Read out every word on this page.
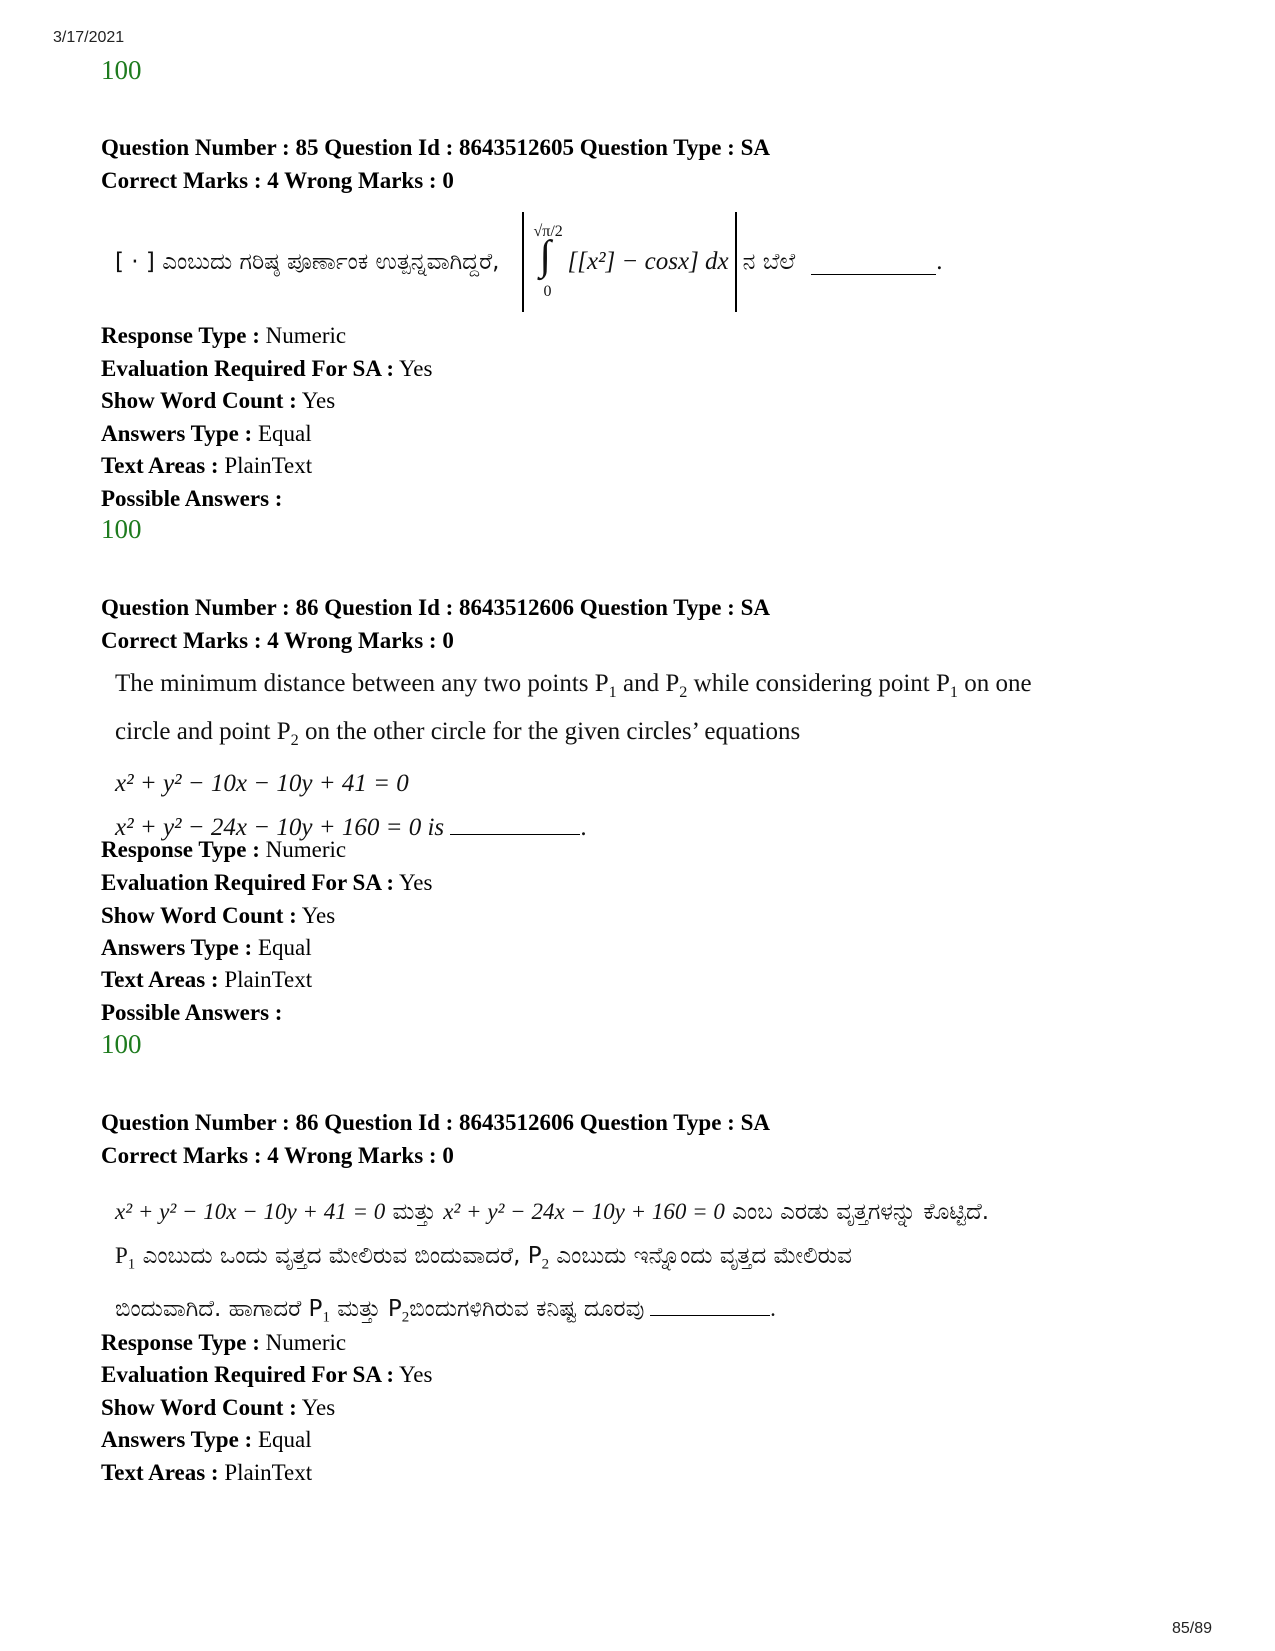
3/17/2021
100
Question Number : 85 Question Id : 8643512605 Question Type : SA
Correct Marks : 4 Wrong Marks : 0
[ · ] ಎಂಬುದು ಗರಿಷ್ಠ ಪೂರ್ಣಾಂಕ ಉತ್ಪನ್ನವಾಗಿದ್ದರೆ,
√π/2
∫
0
[[x²] − cosx] dx ನ ಬೆಲೆ	.
Response Type : Numeric
Evaluation Required For SA : Yes
Show Word Count : Yes
Answers Type : Equal
Text Areas : PlainText
Possible Answers :
100
Question Number : 86 Question Id : 8643512606 Question Type : SA
Correct Marks : 4 Wrong Marks : 0
The minimum distance between any two points $P_1$ and $P_2$ while considering point $P_1$ on one
circle and point $P_2$ on the other circle for the given circles’ equations
x² + y² − 10x − 10y + 41 = 0
x² + y² − 24x − 10y + 160 = 0 is	.
Response Type : Numeric
Evaluation Required For SA : Yes
Show Word Count : Yes
Answers Type : Equal
Text Areas : PlainText
Possible Answers :
100
Question Number : 86 Question Id : 8643512606 Question Type : SA
Correct Marks : 4 Wrong Marks : 0
x² + y² − 10x − 10y + 41 = 0 ಮತ್ತು x² + y² − 24x − 10y + 160 = 0 ಎಂಬ ಎರಡು ವೃತ್ತಗಳನ್ನು ಕೊಟ್ಟಿದೆ.
$P_1$ ಎಂಬುದು ಒಂದು ವೃತ್ತದ ಮೇಲಿರುವ ಬಿಂದುವಾದರೆ, $P_2$ ಎಂಬುದು ಇನ್ನೊಂದು ವೃತ್ತದ ಮೇಲಿರುವ
ಬಿಂದುವಾಗಿದೆ. ಹಾಗಾದರೆ $P_1$ ಮತ್ತು $P_2ಬಿಂದುಗಳಿಗಿರುವ$ ಕನಿಷ್ಟ ದೂರವು	.
Response Type : Numeric
Evaluation Required For SA : Yes
Show Word Count : Yes
Answers Type : Equal
Text Areas : PlainText
85/89
